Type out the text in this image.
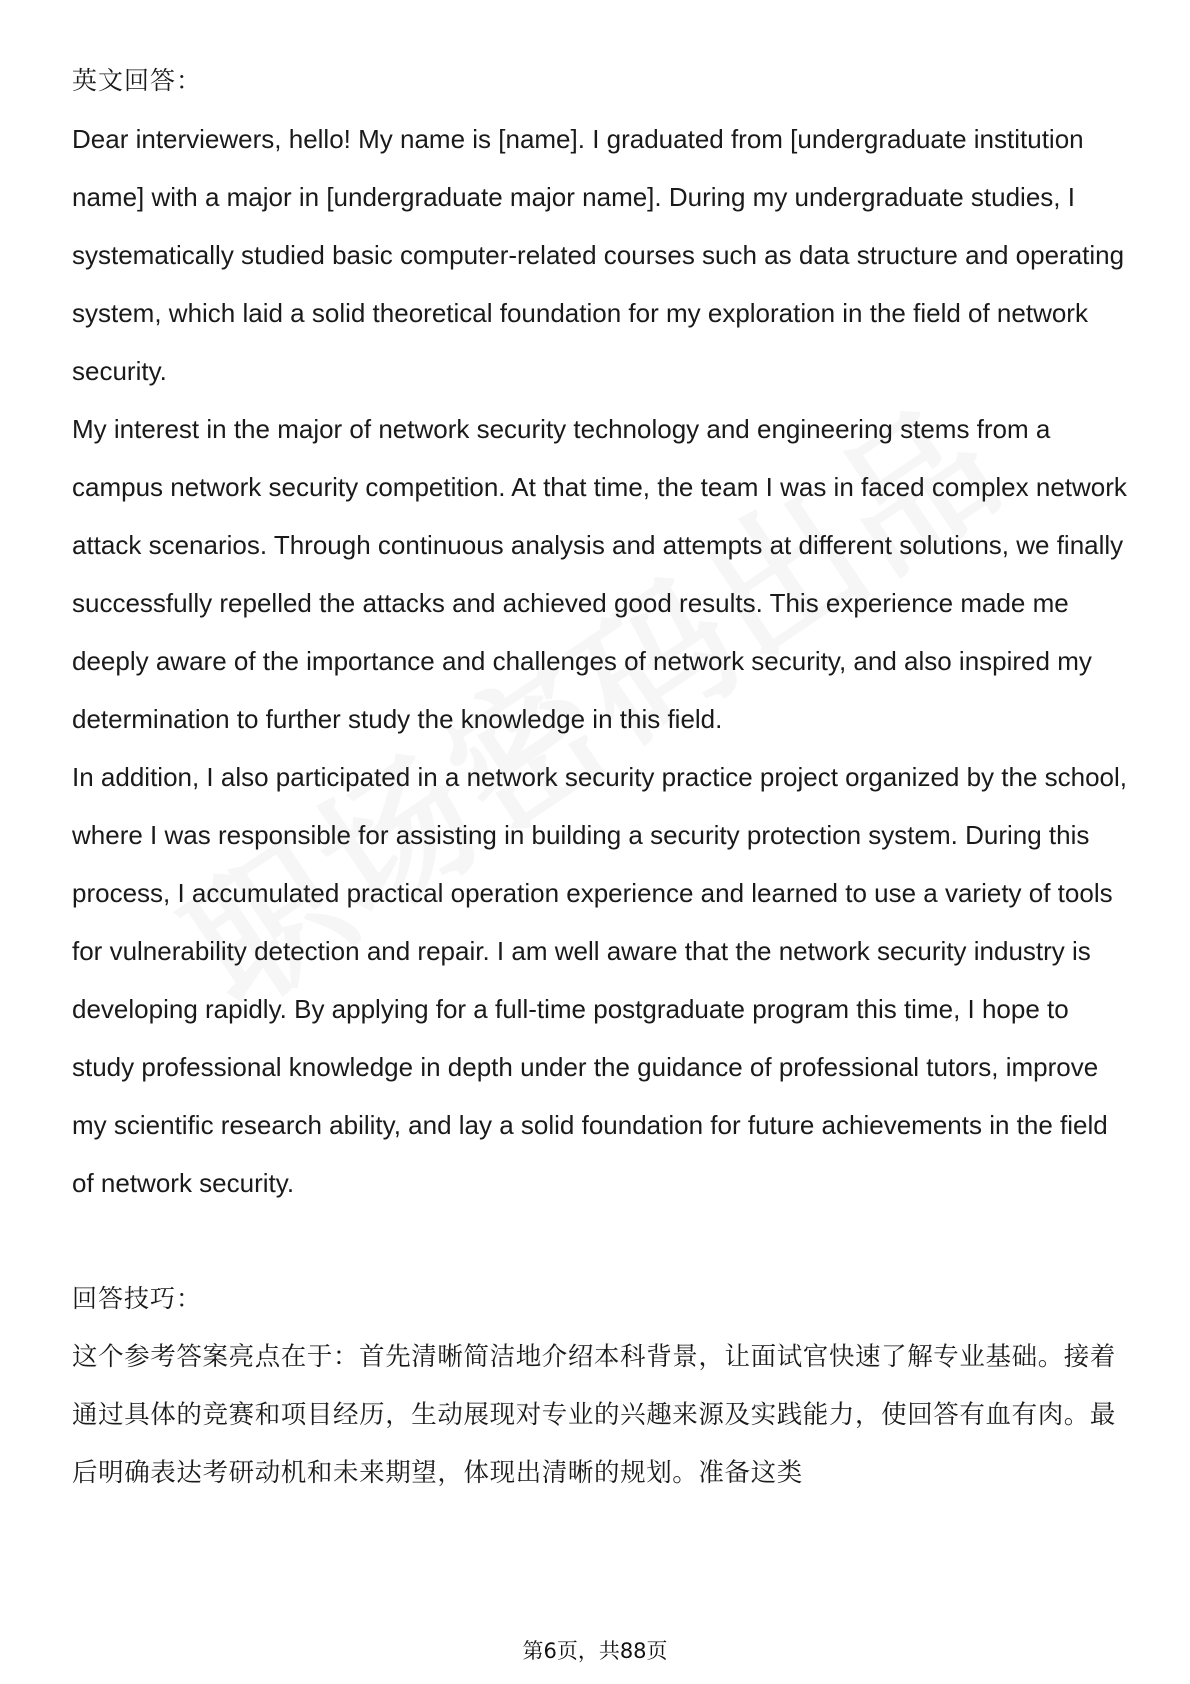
英文回答：

Dear interviewers, hello! My name is [name]. I graduated from [undergraduate institution name] with a major in [undergraduate major name]. During my undergraduate studies, I systematically studied basic computer-related courses such as data structure and operating system, which laid a solid theoretical foundation for my exploration in the field of network security.

My interest in the major of network security technology and engineering stems from a campus network security competition. At that time, the team I was in faced complex network attack scenarios. Through continuous analysis and attempts at different solutions, we finally successfully repelled the attacks and achieved good results. This experience made me deeply aware of the importance and challenges of network security, and also inspired my determination to further study the knowledge in this field.

In addition, I also participated in a network security practice project organized by the school, where I was responsible for assisting in building a security protection system. During this process, I accumulated practical operation experience and learned to use a variety of tools for vulnerability detection and repair. I am well aware that the network security industry is developing rapidly. By applying for a full-time postgraduate program this time, I hope to study professional knowledge in depth under the guidance of professional tutors, improve my scientific research ability, and lay a solid foundation for future achievements in the field of network security.

回答技巧：

这个参考答案亮点在于：首先清晰简洁地介绍本科背景，让面试官快速了解专业基础。接着通过具体的竞赛和项目经历，生动展现对专业的兴趣来源及实践能力，使回答有血有肉。最后明确表达考研动机和未来期望，体现出清晰的规划。准备这类

第6页，共88页
